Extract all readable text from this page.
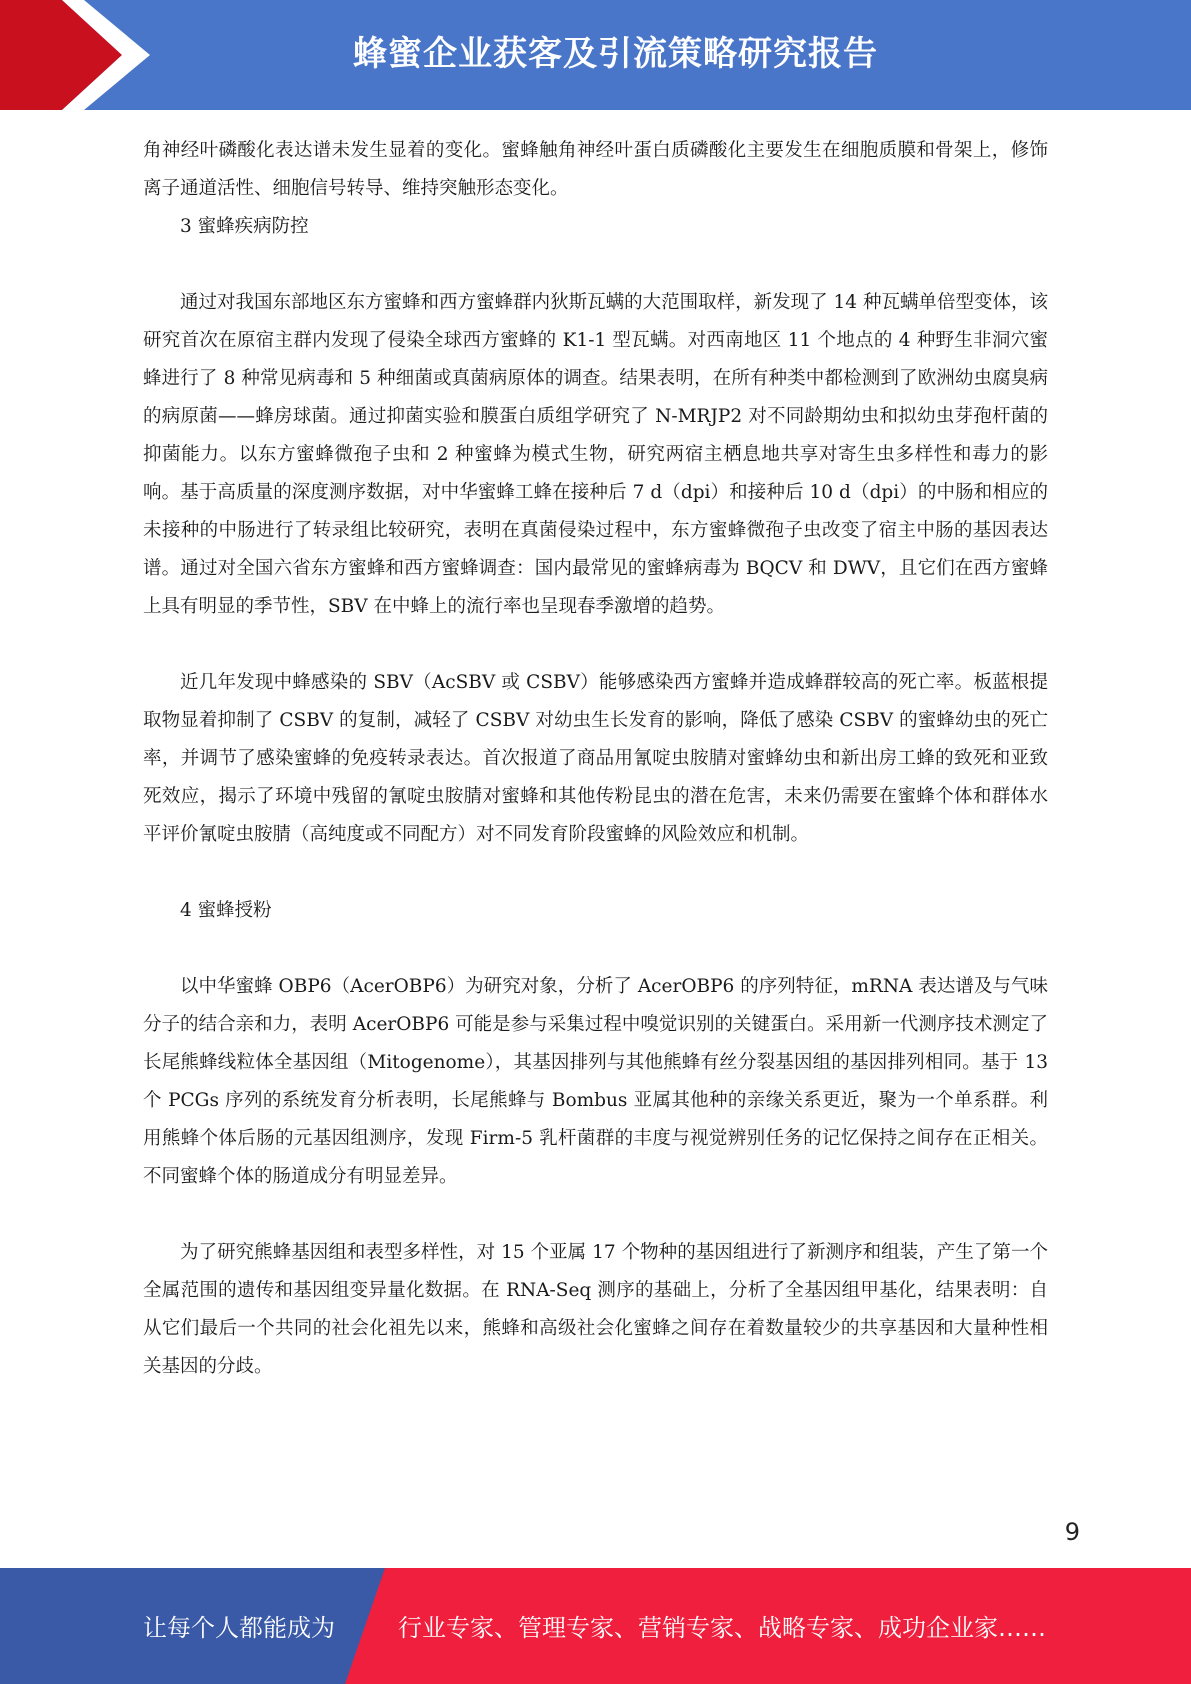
蜂蜜企业获客及引流策略研究报告

角神经叶磷酸化表达谱未发生显着的变化。蜜蜂触角神经叶蛋白质磷酸化主要发生在细胞质膜和骨架上，修饰离子通道活性、细胞信号转导、维持突触形态变化。

3 蜜蜂疾病防控

通过对我国东部地区东方蜜蜂和西方蜜蜂群内狄斯瓦螨的大范围取样，新发现了 14 种瓦螨单倍型变体，该研究首次在原宿主群内发现了侵染全球西方蜜蜂的 K1-1 型瓦螨。对西南地区 11 个地点的 4 种野生非洞穴蜜蜂进行了 8 种常见病毒和 5 种细菌或真菌病原体的调查。结果表明，在所有种类中都检测到了欧洲幼虫腐臭病的病原菌——蜂房球菌。通过抑菌实验和膜蛋白质组学研究了 N-MRJP2 对不同龄期幼虫和拟幼虫芽孢杆菌的抑菌能力。以东方蜜蜂微孢子虫和 2 种蜜蜂为模式生物，研究两宿主栖息地共享对寄生虫多样性和毒力的影响。基于高质量的深度测序数据，对中华蜜蜂工蜂在接种后 7 d（dpi）和接种后 10 d（dpi）的中肠和相应的未接种的中肠进行了转录组比较研究，表明在真菌侵染过程中，东方蜜蜂微孢子虫改变了宿主中肠的基因表达谱。通过对全国六省东方蜜蜂和西方蜜蜂调查：国内最常见的蜜蜂病毒为 BQCV 和 DWV，且它们在西方蜜蜂上具有明显的季节性，SBV 在中蜂上的流行率也呈现春季激增的趋势。

近几年发现中蜂感染的 SBV（AcSBV 或 CSBV）能够感染西方蜜蜂并造成蜂群较高的死亡率。板蓝根提取物显着抑制了 CSBV 的复制，减轻了 CSBV 对幼虫生长发育的影响，降低了感染 CSBV 的蜜蜂幼虫的死亡率，并调节了感染蜜蜂的免疫转录表达。首次报道了商品用氰啶虫胺腈对蜜蜂幼虫和新出房工蜂的致死和亚致死效应，揭示了环境中残留的氰啶虫胺腈对蜜蜂和其他传粉昆虫的潜在危害，未来仍需要在蜜蜂个体和群体水平评价氰啶虫胺腈（高纯度或不同配方）对不同发育阶段蜜蜂的风险效应和机制。

4 蜜蜂授粉

以中华蜜蜂 OBP6（AcerOBP6）为研究对象，分析了 AcerOBP6 的序列特征，mRNA 表达谱及与气味分子的结合亲和力，表明 AcerOBP6 可能是参与采集过程中嗅觉识别的关键蛋白。采用新一代测序技术测定了长尾熊蜂线粒体全基因组（Mitogenome），其基因排列与其他熊蜂有丝分裂基因组的基因排列相同。基于 13 个 PCGs 序列的系统发育分析表明，长尾熊蜂与 Bombus 亚属其他种的亲缘关系更近，聚为一个单系群。利用熊蜂个体后肠的元基因组测序，发现 Firm-5 乳杆菌群的丰度与视觉辨别任务的记忆保持之间存在正相关。不同蜜蜂个体的肠道成分有明显差异。

为了研究熊蜂基因组和表型多样性，对 15 个亚属 17 个物种的基因组进行了新测序和组装，产生了第一个全属范围的遗传和基因组变异量化数据。在 RNA-Seq 测序的基础上，分析了全基因组甲基化，结果表明：自从它们最后一个共同的社会化祖先以来，熊蜂和高级社会化蜜蜂之间存在着数量较少的共享基因和大量种性相关基因的分歧。

9
让每个人都能成为	行业专家、管理专家、营销专家、战略专家、成功企业家……
